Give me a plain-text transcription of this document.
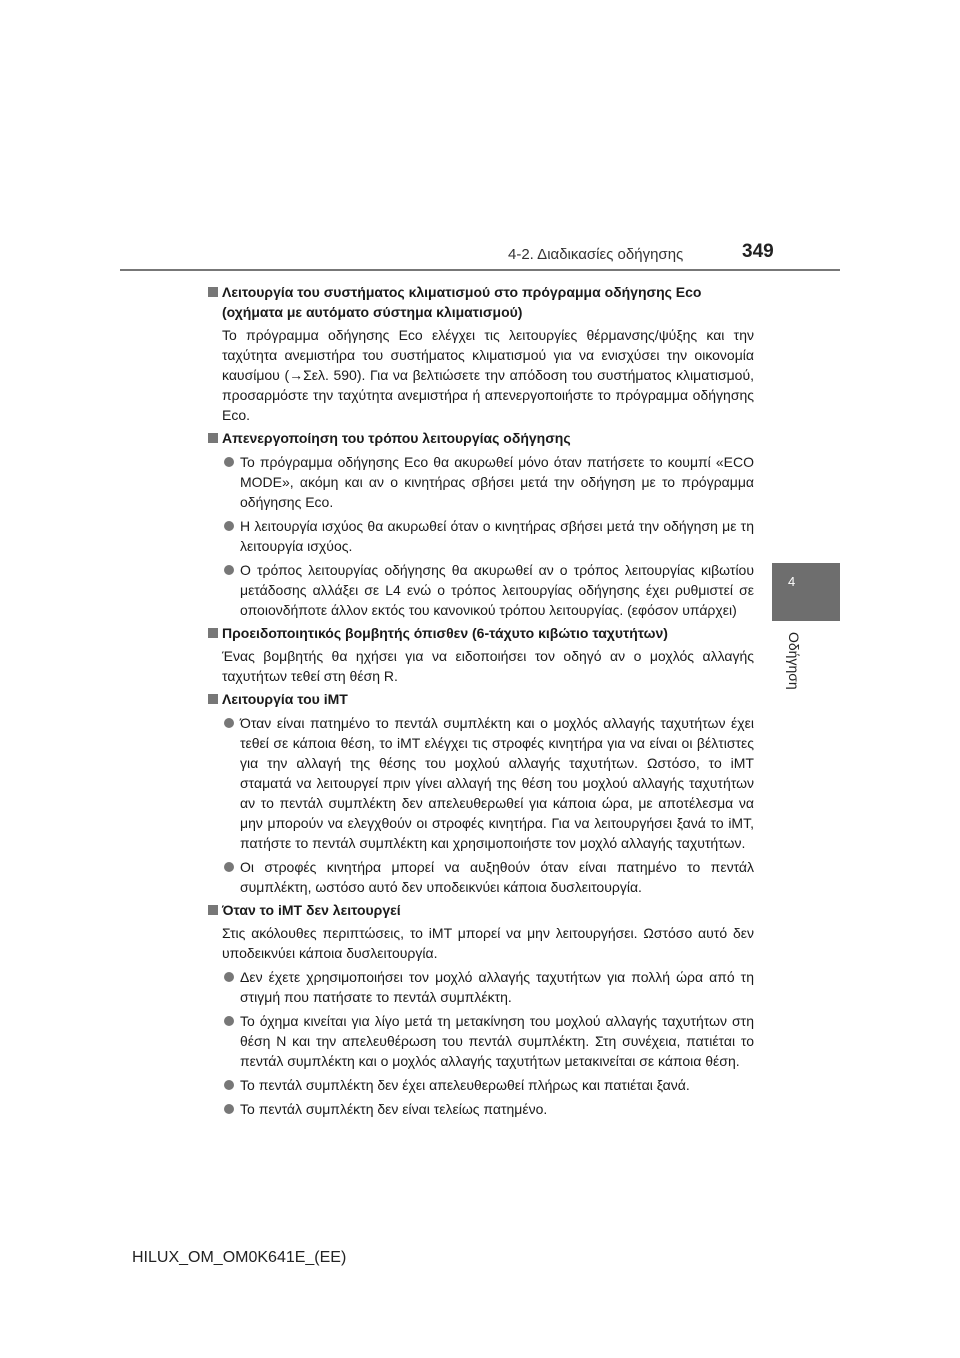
4-2. Διαδικασίες οδήγησης	349
4
Οδήγηση
Λειτουργία του συστήματος κλιματισμού στο πρόγραμμα οδήγησης Eco (οχήματα με αυτόματο σύστημα κλιματισμού)
Το πρόγραμμα οδήγησης Eco ελέγχει τις λειτουργίες θέρμανσης/ψύξης και την ταχύτητα ανεμιστήρα του συστήματος κλιματισμού για να ενισχύσει την οικονομία καυσίμου (→Σελ. 590). Για να βελτιώσετε την απόδοση του συστήματος κλιματισμού, προσαρμόστε την ταχύτητα ανεμιστήρα ή απενεργοποιήστε το πρόγραμμα οδήγησης Eco.
Απενεργοποίηση του τρόπου λειτουργίας οδήγησης
Το πρόγραμμα οδήγησης Eco θα ακυρωθεί μόνο όταν πατήσετε το κουμπί «ECO MODE», ακόμη και αν ο κινητήρας σβήσει μετά την οδήγηση με το πρόγραμμα οδήγησης Eco.
Η λειτουργία ισχύος θα ακυρωθεί όταν ο κινητήρας σβήσει μετά την οδήγηση με τη λειτουργία ισχύος.
Ο τρόπος λειτουργίας οδήγησης θα ακυρωθεί αν ο τρόπος λειτουργίας κιβωτίου μετάδοσης αλλάξει σε L4 ενώ ο τρόπος λειτουργίας οδήγησης έχει ρυθμιστεί σε οποιονδήποτε άλλον εκτός του κανονικού τρόπου λειτουργίας. (εφόσον υπάρχει)
Προειδοποιητικός βομβητής όπισθεν (6-τάχυτο κιβώτιο ταχυτήτων)
Ένας βομβητής θα ηχήσει για να ειδοποιήσει τον οδηγό αν ο μοχλός αλλαγής ταχυτήτων τεθεί στη θέση R.
Λειτουργία του iMT
Όταν είναι πατημένο το πεντάλ συμπλέκτη και ο μοχλός αλλαγής ταχυτήτων έχει τεθεί σε κάποια θέση, το iMT ελέγχει τις στροφές κινητήρα για να είναι οι βέλτιστες για την αλλαγή της θέσης του μοχλού αλλαγής ταχυτήτων. Ωστόσο, το iMT σταματά να λειτουργεί πριν γίνει αλλαγή της θέση του μοχλού αλλαγής ταχυτήτων αν το πεντάλ συμπλέκτη δεν απελευθερωθεί για κάποια ώρα, με αποτέλεσμα να μην μπορούν να ελεγχθούν οι στροφές κινητήρα. Για να λειτουργήσει ξανά το iMT, πατήστε το πεντάλ συμπλέκτη και χρησιμοποιήστε τον μοχλό αλλαγής ταχυτήτων.
Οι στροφές κινητήρα μπορεί να αυξηθούν όταν είναι πατημένο το πεντάλ συμπλέκτη, ωστόσο αυτό δεν υποδεικνύει κάποια δυσλειτουργία.
Όταν το iMT δεν λειτουργεί
Στις ακόλουθες περιπτώσεις, το iMT μπορεί να μην λειτουργήσει. Ωστόσο αυτό δεν υποδεικνύει κάποια δυσλειτουργία.
Δεν έχετε χρησιμοποιήσει τον μοχλό αλλαγής ταχυτήτων για πολλή ώρα από τη στιγμή που πατήσατε το πεντάλ συμπλέκτη.
Το όχημα κινείται για λίγο μετά τη μετακίνηση του μοχλού αλλαγής ταχυτήτων στη θέση N και την απελευθέρωση του πεντάλ συμπλέκτη. Στη συνέχεια, πατιέται το πεντάλ συμπλέκτη και ο μοχλός αλλαγής ταχυτήτων μετακινείται σε κάποια θέση.
Το πεντάλ συμπλέκτη δεν έχει απελευθερωθεί πλήρως και πατιέται ξανά.
Το πεντάλ συμπλέκτη δεν είναι τελείως πατημένο.
HILUX_OM_OM0K641E_(EE)
